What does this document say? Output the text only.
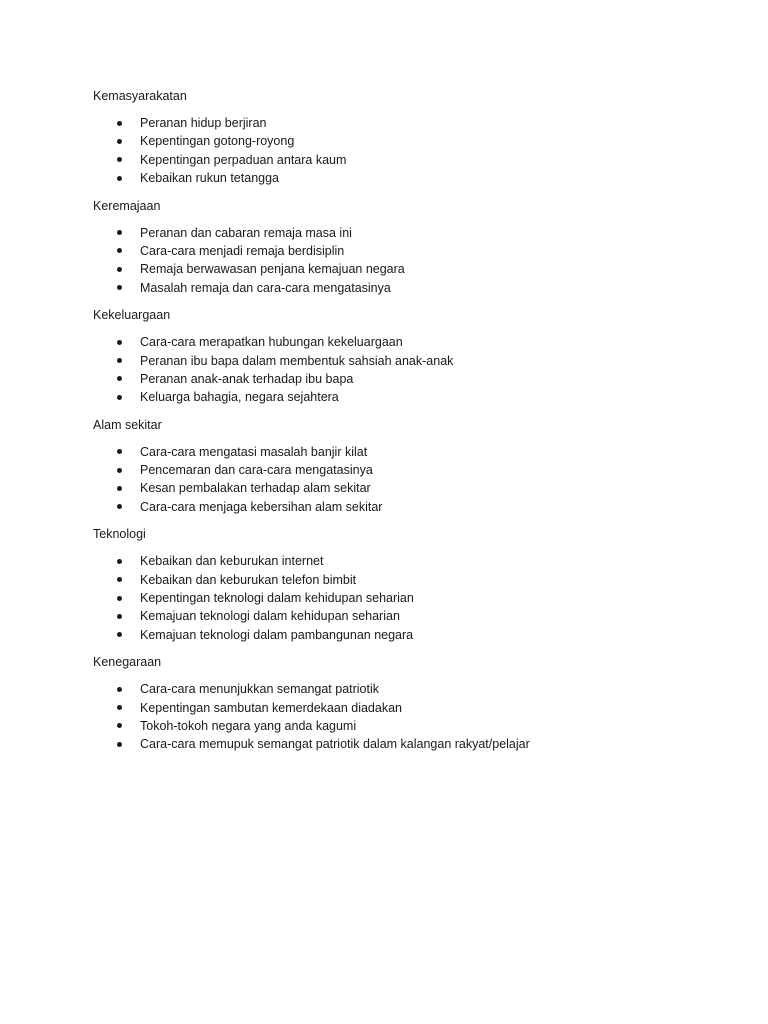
Kemasyarakatan
Peranan hidup berjiran
Kepentingan gotong-royong
Kepentingan perpaduan antara kaum
Kebaikan rukun tetangga
Keremajaan
Peranan dan cabaran remaja masa ini
Cara-cara menjadi remaja berdisiplin
Remaja berwawasan penjana kemajuan negara
Masalah remaja dan cara-cara mengatasinya
Kekeluargaan
Cara-cara merapatkan hubungan kekeluargaan
Peranan ibu bapa dalam membentuk sahsiah anak-anak
Peranan anak-anak terhadap ibu bapa
Keluarga bahagia, negara sejahtera
Alam sekitar
Cara-cara mengatasi masalah banjir kilat
Pencemaran dan cara-cara mengatasinya
Kesan pembalakan terhadap alam sekitar
Cara-cara menjaga kebersihan alam sekitar
Teknologi
Kebaikan dan keburukan internet
Kebaikan dan keburukan telefon bimbit
Kepentingan teknologi dalam kehidupan seharian
Kemajuan teknologi dalam kehidupan seharian
Kemajuan teknologi dalam pambangunan negara
Kenegaraan
Cara-cara menunjukkan semangat patriotik
Kepentingan sambutan kemerdekaan diadakan
Tokoh-tokoh negara yang anda kagumi
Cara-cara memupuk semangat patriotik dalam kalangan rakyat/pelajar
